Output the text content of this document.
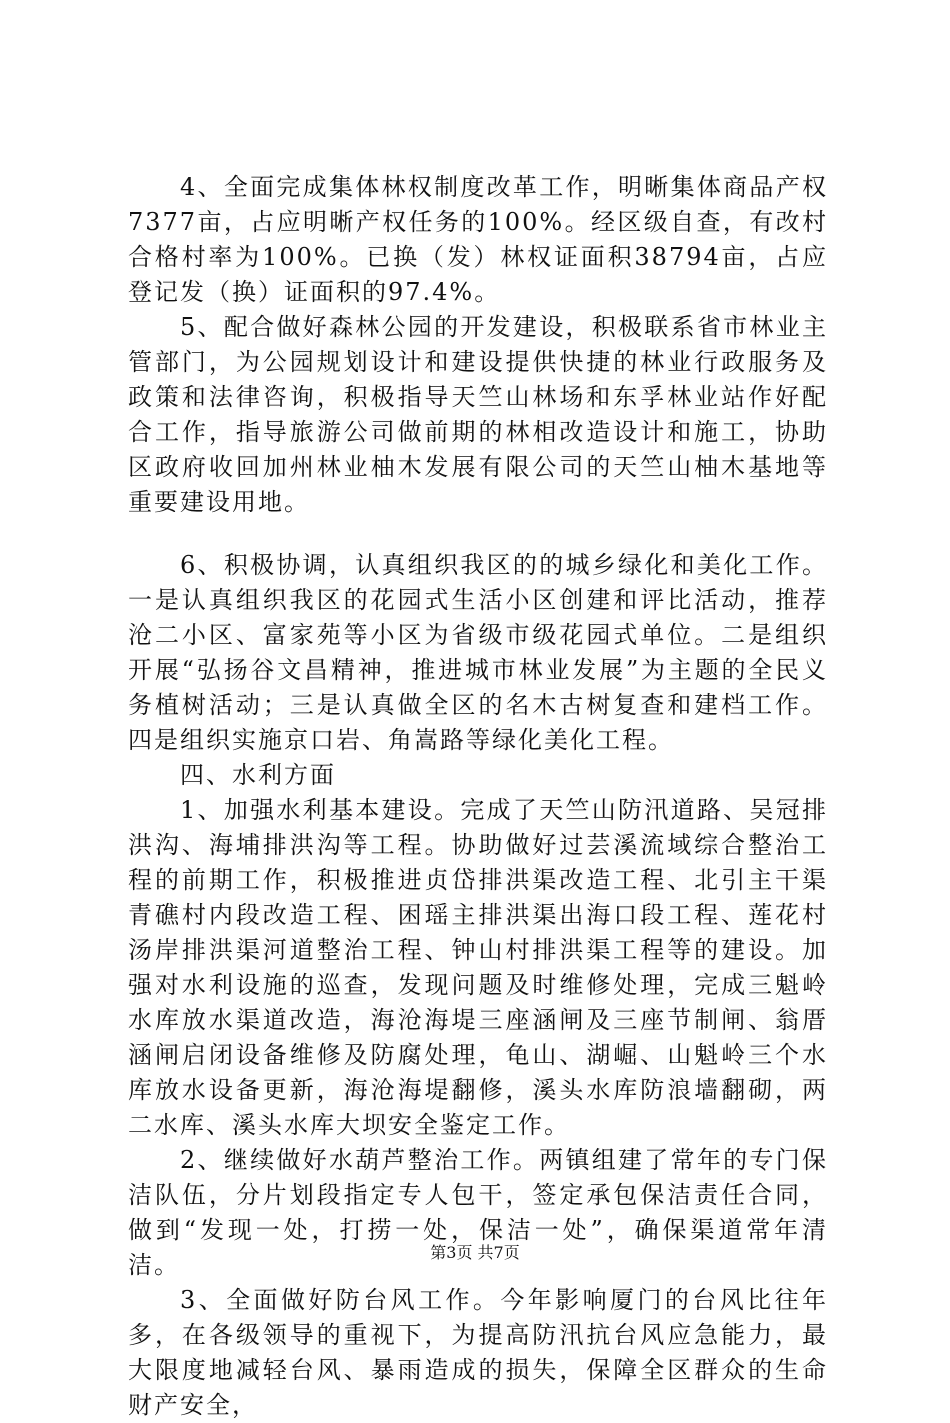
4、全面完成集体林权制度改革工作，明晰集体商品产权7377亩，占应明晰产权任务的100%。经区级自查，有改村合格村率为100%。已换（发）林权证面积38794亩，占应登记发（换）证面积的97.4%。

5、配合做好森林公园的开发建设，积极联系省市林业主管部门，为公园规划设计和建设提供快捷的林业行政服务及政策和法律咨询，积极指导天竺山林场和东孚林业站作好配合工作，指导旅游公司做前期的林相改造设计和施工，协助区政府收回加州林业柚木发展有限公司的天竺山柚木基地等重要建设用地。

6、积极协调，认真组织我区的的城乡绿化和美化工作。一是认真组织我区的花园式生活小区创建和评比活动，推荐沧二小区、富家苑等小区为省级市级花园式单位。二是组织开展“弘扬谷文昌精神，推进城市林业发展”为主题的全民义务植树活动；三是认真做全区的名木古树复查和建档工作。四是组织实施京口岩、角嵩路等绿化美化工程。

四、水利方面

1、加强水利基本建设。完成了天竺山防汛道路、吴冠排洪沟、海埔排洪沟等工程。协助做好过芸溪流域综合整治工程的前期工作，积极推进贞岱排洪渠改造工程、北引主干渠青礁村内段改造工程、困瑶主排洪渠出海口段工程、莲花村汤岸排洪渠河道整治工程、钟山村排洪渠工程等的建设。加强对水利设施的巡查，发现问题及时维修处理，完成三魁岭水库放水渠道改造，海沧海堤三座涵闸及三座节制闸、翁厝涵闸启闭设备维修及防腐处理，龟山、湖崛、山魁岭三个水库放水设备更新，海沧海堤翻修，溪头水库防浪墙翻砌，两二水库、溪头水库大坝安全鉴定工作。

2、继续做好水葫芦整治工作。两镇组建了常年的专门保洁队伍，分片划段指定专人包干，签定承包保洁责任合同，做到“发现一处，打捞一处，保洁一处”，确保渠道常年清洁。

3、全面做好防台风工作。今年影响厦门的台风比往年多，在各级领导的重视下，为提高防汛抗台风应急能力，最大限度地减轻台风、暴雨造成的损失，保障全区群众的生命财产安全，

第3页 共7页
